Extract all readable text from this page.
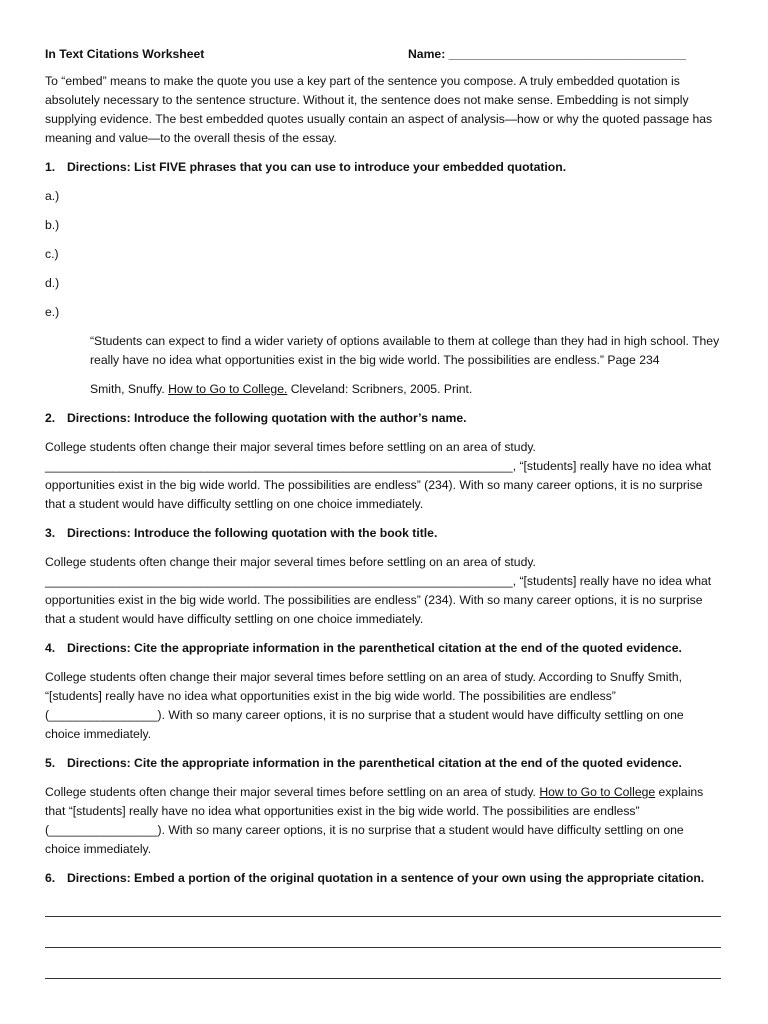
In Text Citations Worksheet	Name: ___________________________________

To “embed” means to make the quote you use a key part of the sentence you compose. A truly embedded quotation is absolutely necessary to the sentence structure. Without it, the sentence does not make sense. Embedding is not simply supplying evidence. The best embedded quotes usually contain an aspect of analysis—how or why the quoted passage has meaning and value—to the overall thesis of the essay.

1. Directions: List FIVE phrases that you can use to introduce your embedded quotation.

a.)
b.)
c.)
d.)
e.)

“Students can expect to find a wider variety of options available to them at college than they had in high school. They really have no idea what opportunities exist in the big wide world. The possibilities are endless.” Page 234

Smith, Snuffy. How to Go to College. Cleveland: Scribners, 2005. Print.

2. Directions: Introduce the following quotation with the author’s name.

College students often change their major several times before settling on an area of study. _____________________________________________________________________, “[students] really have no idea what opportunities exist in the big wide world. The possibilities are endless” (234). With so many career options, it is no surprise that a student would have difficulty settling on one choice immediately.

3. Directions: Introduce the following quotation with the book title.

College students often change their major several times before settling on an area of study. _____________________________________________________________________, “[students] really have no idea what opportunities exist in the big wide world. The possibilities are endless” (234). With so many career options, it is no surprise that a student would have difficulty settling on one choice immediately.

4. Directions: Cite the appropriate information in the parenthetical citation at the end of the quoted evidence.

College students often change their major several times before settling on an area of study. According to Snuffy Smith, “[students] really have no idea what opportunities exist in the big wide world. The possibilities are endless” (________________). With so many career options, it is no surprise that a student would have difficulty settling on one choice immediately.

5. Directions: Cite the appropriate information in the parenthetical citation at the end of the quoted evidence.

College students often change their major several times before settling on an area of study. How to Go to College explains that “[students] really have no idea what opportunities exist in the big wide world. The possibilities are endless” (________________). With so many career options, it is no surprise that a student would have difficulty settling on one choice immediately.

6. Directions: Embed a portion of the original quotation in a sentence of your own using the appropriate citation.
